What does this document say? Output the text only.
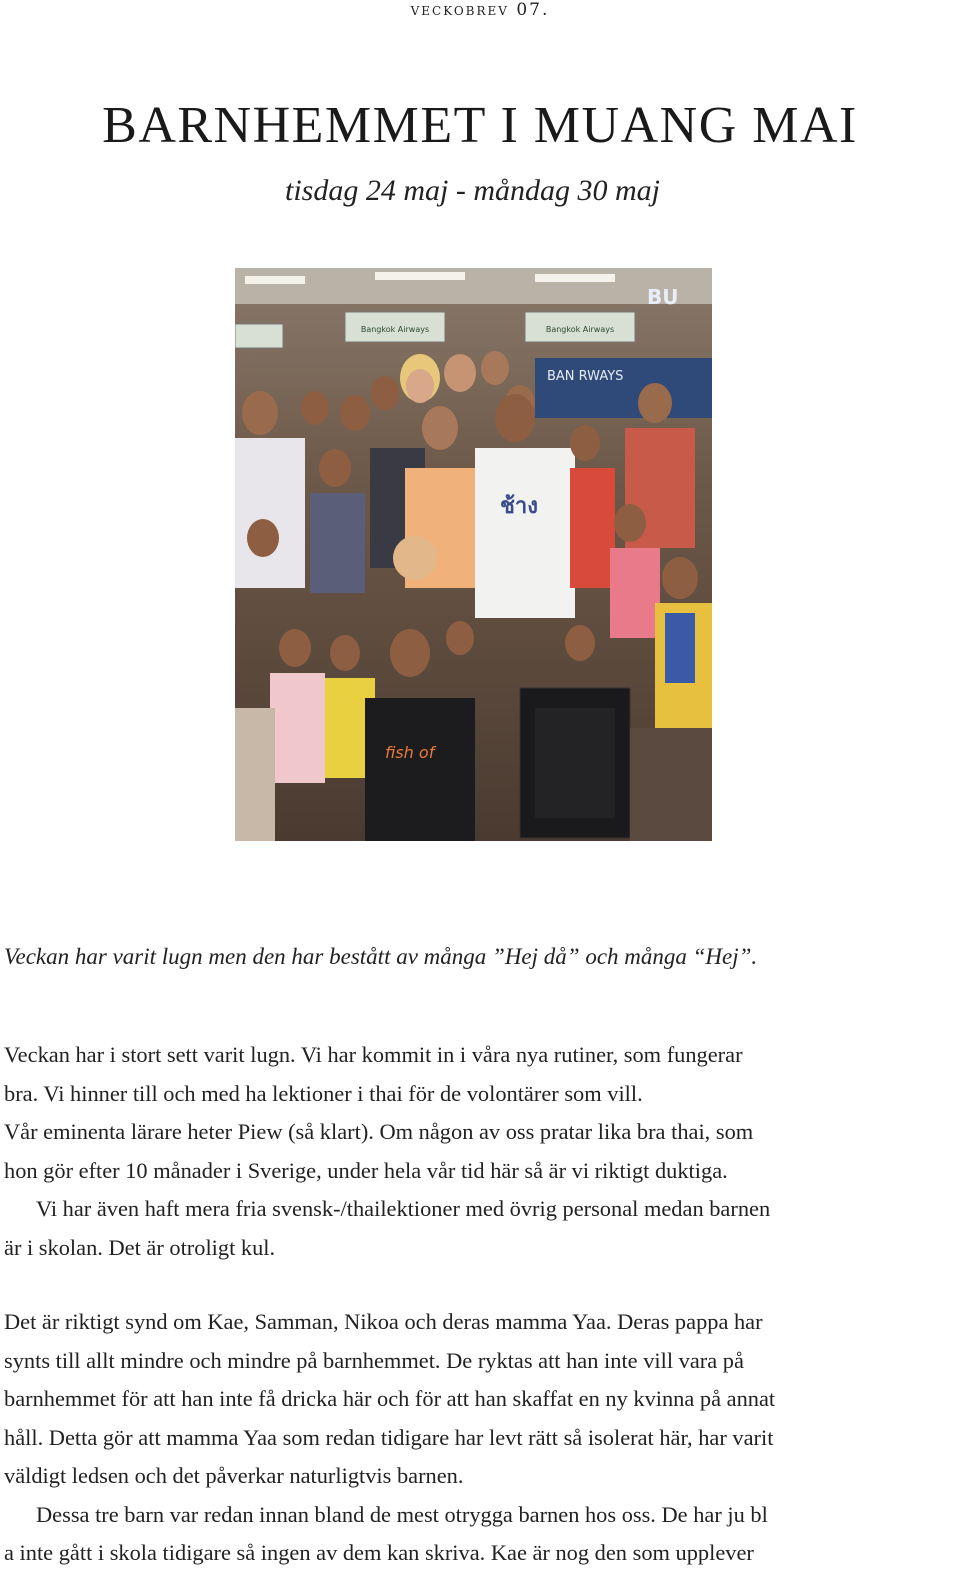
veckobrev 07.
BARNHEMMET I MUANG MAI
tisdag 24 maj - måndag 30 maj
Bangkok Airways	Bangkok Airways
BU
BAN RWAYS
ช้าง
fish of
Veckan har varit lugn men den har bestått av många ”Hej då” och många “Hej”.
Veckan har i stort sett varit lugn. Vi har kommit in i våra nya rutiner, som fungerar
bra. Vi hinner till och med ha lektioner i thai för de volontärer som vill.
Vår eminenta lärare heter Piew (så klart). Om någon av oss pratar lika bra thai, som
hon gör efter 10 månader i Sverige, under hela vår tid här så är vi riktigt duktiga.
Vi har även haft mera fria svensk-/thailektioner med övrig personal medan barnen
är i skolan. Det är otroligt kul.
Det är riktigt synd om Kae, Samman, Nikoa och deras mamma Yaa. Deras pappa har
synts till allt mindre och mindre på barnhemmet. De ryktas att han inte vill vara på
barnhemmet för att han inte få dricka här och för att han skaffat en ny kvinna på annat
håll. Detta gör att mamma Yaa som redan tidigare har levt rätt så isolerat här, har varit
väldigt ledsen och det påverkar naturligtvis barnen.
Dessa tre barn var redan innan bland de mest otrygga barnen hos oss. De har ju bl
a inte gått i skola tidigare så ingen av dem kan skriva. Kae är nog den som upplever
